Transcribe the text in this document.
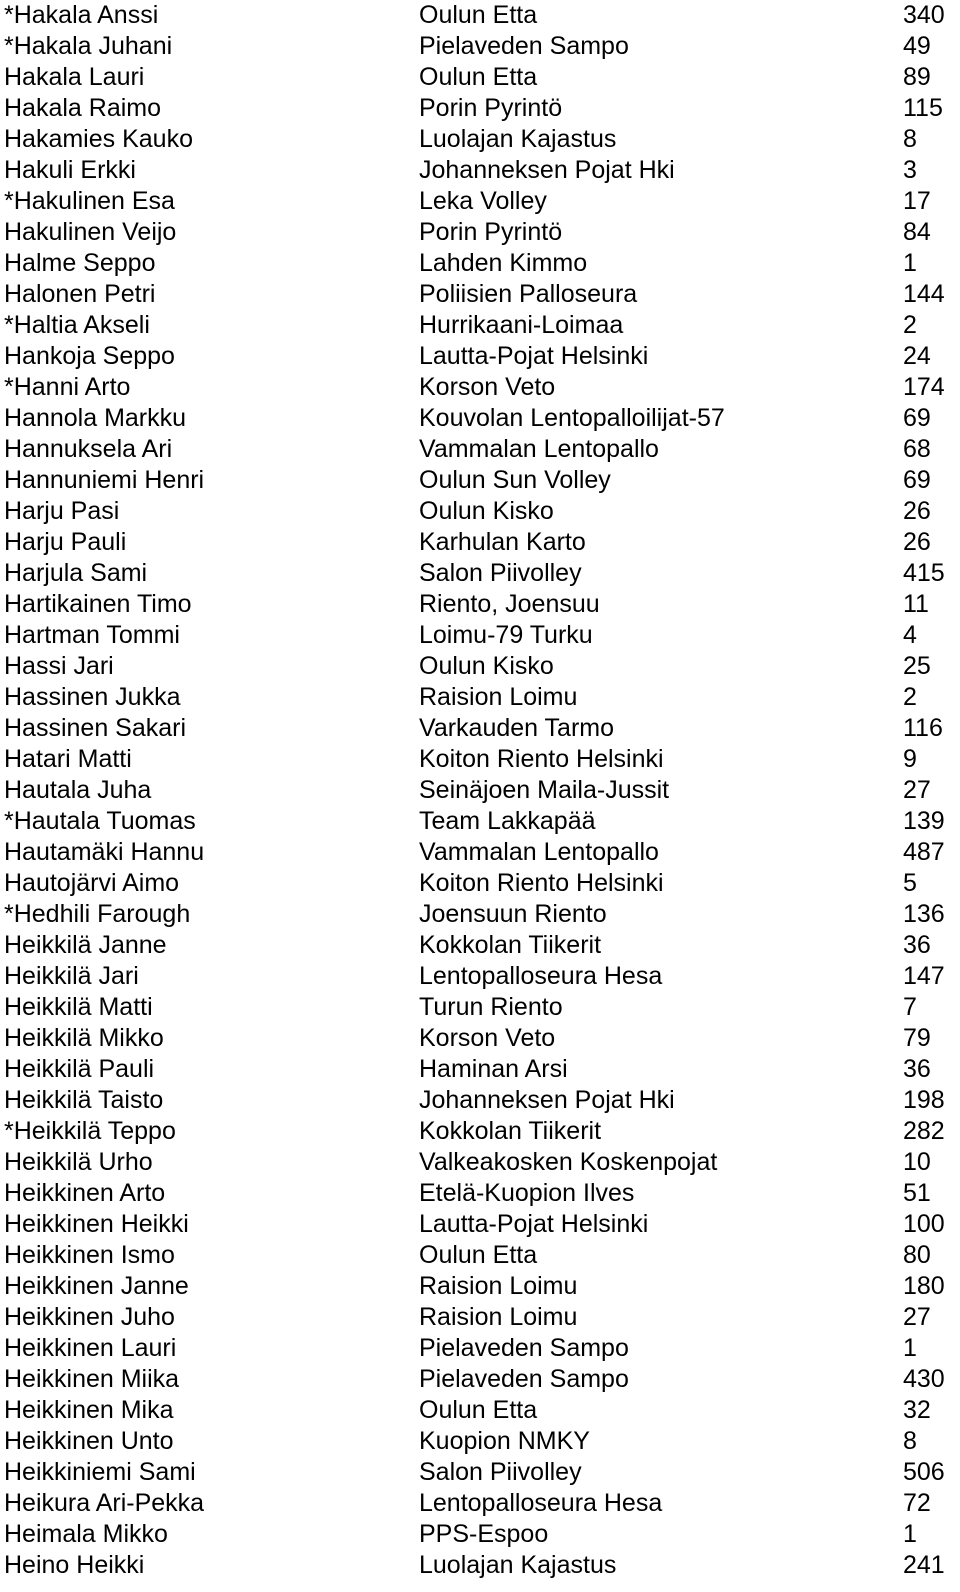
*Hakala Anssi	Oulun Etta	340
*Hakala Juhani	Pielaveden Sampo	49
Hakala Lauri	Oulun Etta	89
Hakala Raimo	Porin Pyrintö	115
Hakamies Kauko	Luolajan Kajastus	8
Hakuli Erkki	Johanneksen Pojat Hki	3
*Hakulinen Esa	Leka Volley	17
Hakulinen Veijo	Porin Pyrintö	84
Halme Seppo	Lahden Kimmo	1
Halonen Petri	Poliisien Palloseura	144
*Haltia Akseli	Hurrikaani-Loimaa	2
Hankoja Seppo	Lautta-Pojat Helsinki	24
*Hanni Arto	Korson Veto	174
Hannola Markku	Kouvolan Lentopalloilijat-57	69
Hannuksela Ari	Vammalan Lentopallo	68
Hannuniemi Henri	Oulun Sun Volley	69
Harju Pasi	Oulun Kisko	26
Harju Pauli	Karhulan Karto	26
Harjula Sami	Salon Piivolley	415
Hartikainen Timo	Riento, Joensuu	11
Hartman Tommi	Loimu-79 Turku	4
Hassi Jari	Oulun Kisko	25
Hassinen Jukka	Raision Loimu	2
Hassinen Sakari	Varkauden Tarmo	116
Hatari Matti	Koiton Riento Helsinki	9
Hautala Juha	Seinäjoen Maila-Jussit	27
*Hautala Tuomas	Team Lakkapää	139
Hautamäki Hannu	Vammalan Lentopallo	487
Hautojärvi Aimo	Koiton Riento Helsinki	5
*Hedhili Farough	Joensuun Riento	136
Heikkilä Janne	Kokkolan Tiikerit	36
Heikkilä Jari	Lentopalloseura Hesa	147
Heikkilä Matti	Turun Riento	7
Heikkilä Mikko	Korson Veto	79
Heikkilä Pauli	Haminan Arsi	36
Heikkilä Taisto	Johanneksen Pojat Hki	198
*Heikkilä Teppo	Kokkolan Tiikerit	282
Heikkilä Urho	Valkeakosken Koskenpojat	10
Heikkinen Arto	Etelä-Kuopion Ilves	51
Heikkinen Heikki	Lautta-Pojat Helsinki	100
Heikkinen Ismo	Oulun Etta	80
Heikkinen Janne	Raision Loimu	180
Heikkinen Juho	Raision Loimu	27
Heikkinen Lauri	Pielaveden Sampo	1
Heikkinen Miika	Pielaveden Sampo	430
Heikkinen Mika	Oulun Etta	32
Heikkinen Unto	Kuopion NMKY	8
Heikkiniemi Sami	Salon Piivolley	506
Heikura Ari-Pekka	Lentopalloseura Hesa	72
Heimala Mikko	PPS-Espoo	1
Heino Heikki	Luolajan Kajastus	241
